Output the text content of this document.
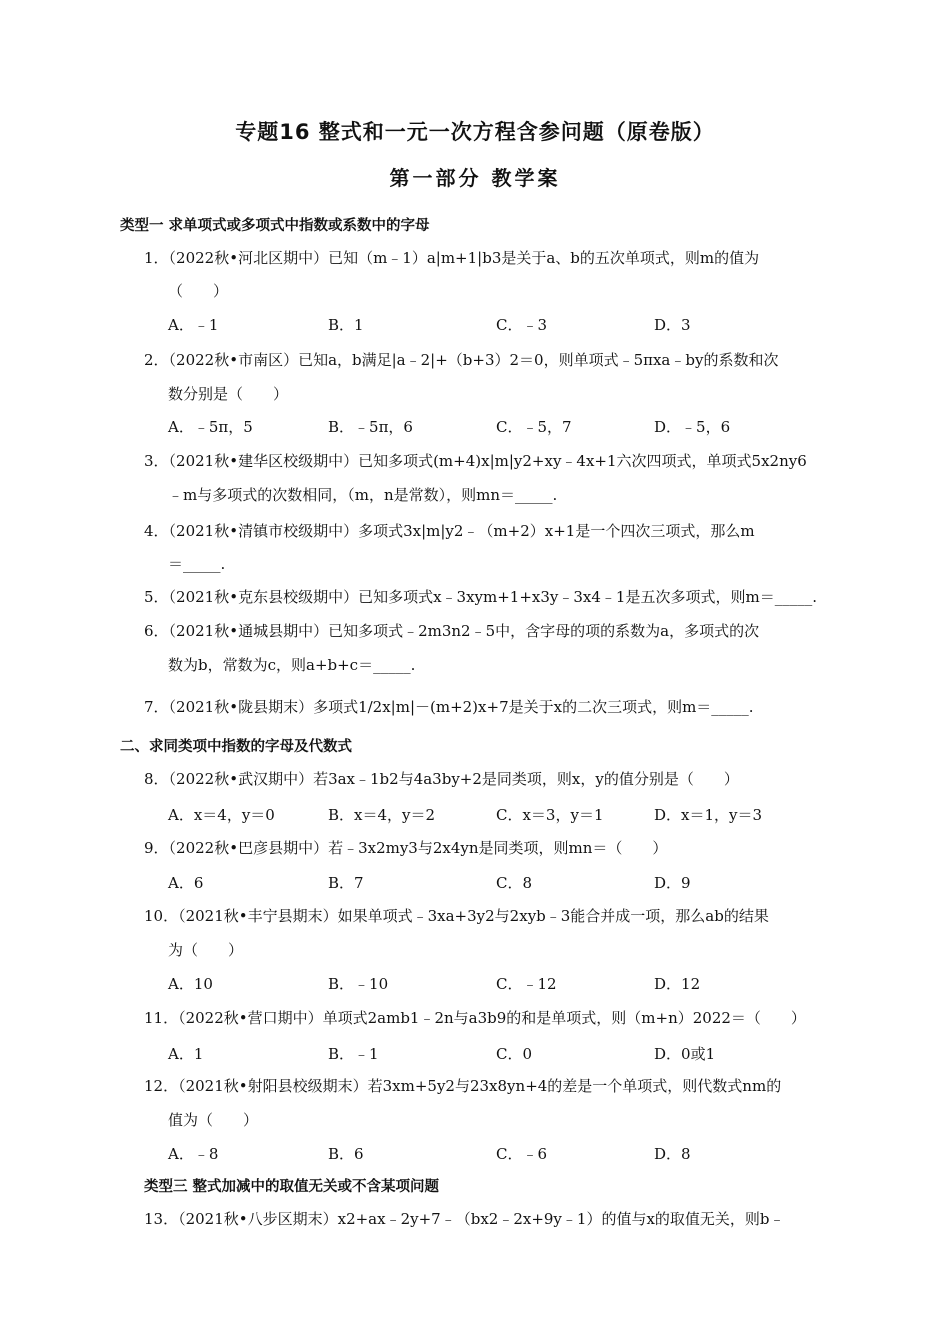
专题16 整式和一元一次方程含参问题（原卷版）
第一部分 教学案
类型一 求单项式或多项式中指数或系数中的字母
1．（2022秋•河北区期中）已知（m﹣1）a|m+1|b3是关于a、b的五次单项式，则m的值为
（　　）
A．﹣1	B．1	C．﹣3	D．3
2．（2022秋•市南区）已知a，b满足|a﹣2|+（b+3）2＝0，则单项式﹣5πxa﹣by的系数和次
数分别是（　　）
A．﹣5π，5	B．﹣5π，6	C．﹣5，7	D．﹣5，6
3．（2021秋•建华区校级期中）已知多项式(m+4)x|m|y2+xy﹣4x+1六次四项式，单项式5x2ny6
﹣m与多项式的次数相同，（m，n是常数），则mn＝_____.
4．（2021秋•清镇市校级期中）多项式3x|m|y2﹣（m+2）x+1是一个四次三项式，那么m
＝_____.
5．（2021秋•克东县校级期中）已知多项式x﹣3xym+1+x3y﹣3x4﹣1是五次多项式，则m＝_____.
6．（2021秋•通城县期中）已知多项式﹣2m3n2﹣5中，含字母的项的系数为a，多项式的次
数为b，常数为c，则a+b+c＝_____.
7．（2021秋•陇县期末）多项式1/2x|m|－(m+2)x+7是关于x的二次三项式，则m＝_____.
二、求同类项中指数的字母及代数式
8．（2022秋•武汉期中）若3ax﹣1b2与4a3by+2是同类项，则x，y的值分别是（　　）
A．x＝4，y＝0	B．x＝4，y＝2	C．x＝3，y＝1	D．x＝1，y＝3
9．（2022秋•巴彦县期中）若﹣3x2my3与2x4yn是同类项，则mn＝（　　）
A．6	B．7	C．8	D．9
10．（2021秋•丰宁县期末）如果单项式﹣3xa+3y2与2xyb﹣3能合并成一项，那么ab的结果
为（　　）
A．10	B．﹣10	C．﹣12	D．12
11．（2022秋•营口期中）单项式2amb1﹣2n与a3b9的和是单项式，则（m+n）2022＝（　　）
A．1	B．﹣1	C．0	D．0或1
12．（2021秋•射阳县校级期末）若3xm+5y2与23x8yn+4的差是一个单项式，则代数式nm的
值为（　　）
A．﹣8	B．6	C．﹣6	D．8
类型三 整式加减中的取值无关或不含某项问题
13．（2021秋•八步区期末）x2+ax﹣2y+7﹣（bx2﹣2x+9y﹣1）的值与x的取值无关，则b﹣
